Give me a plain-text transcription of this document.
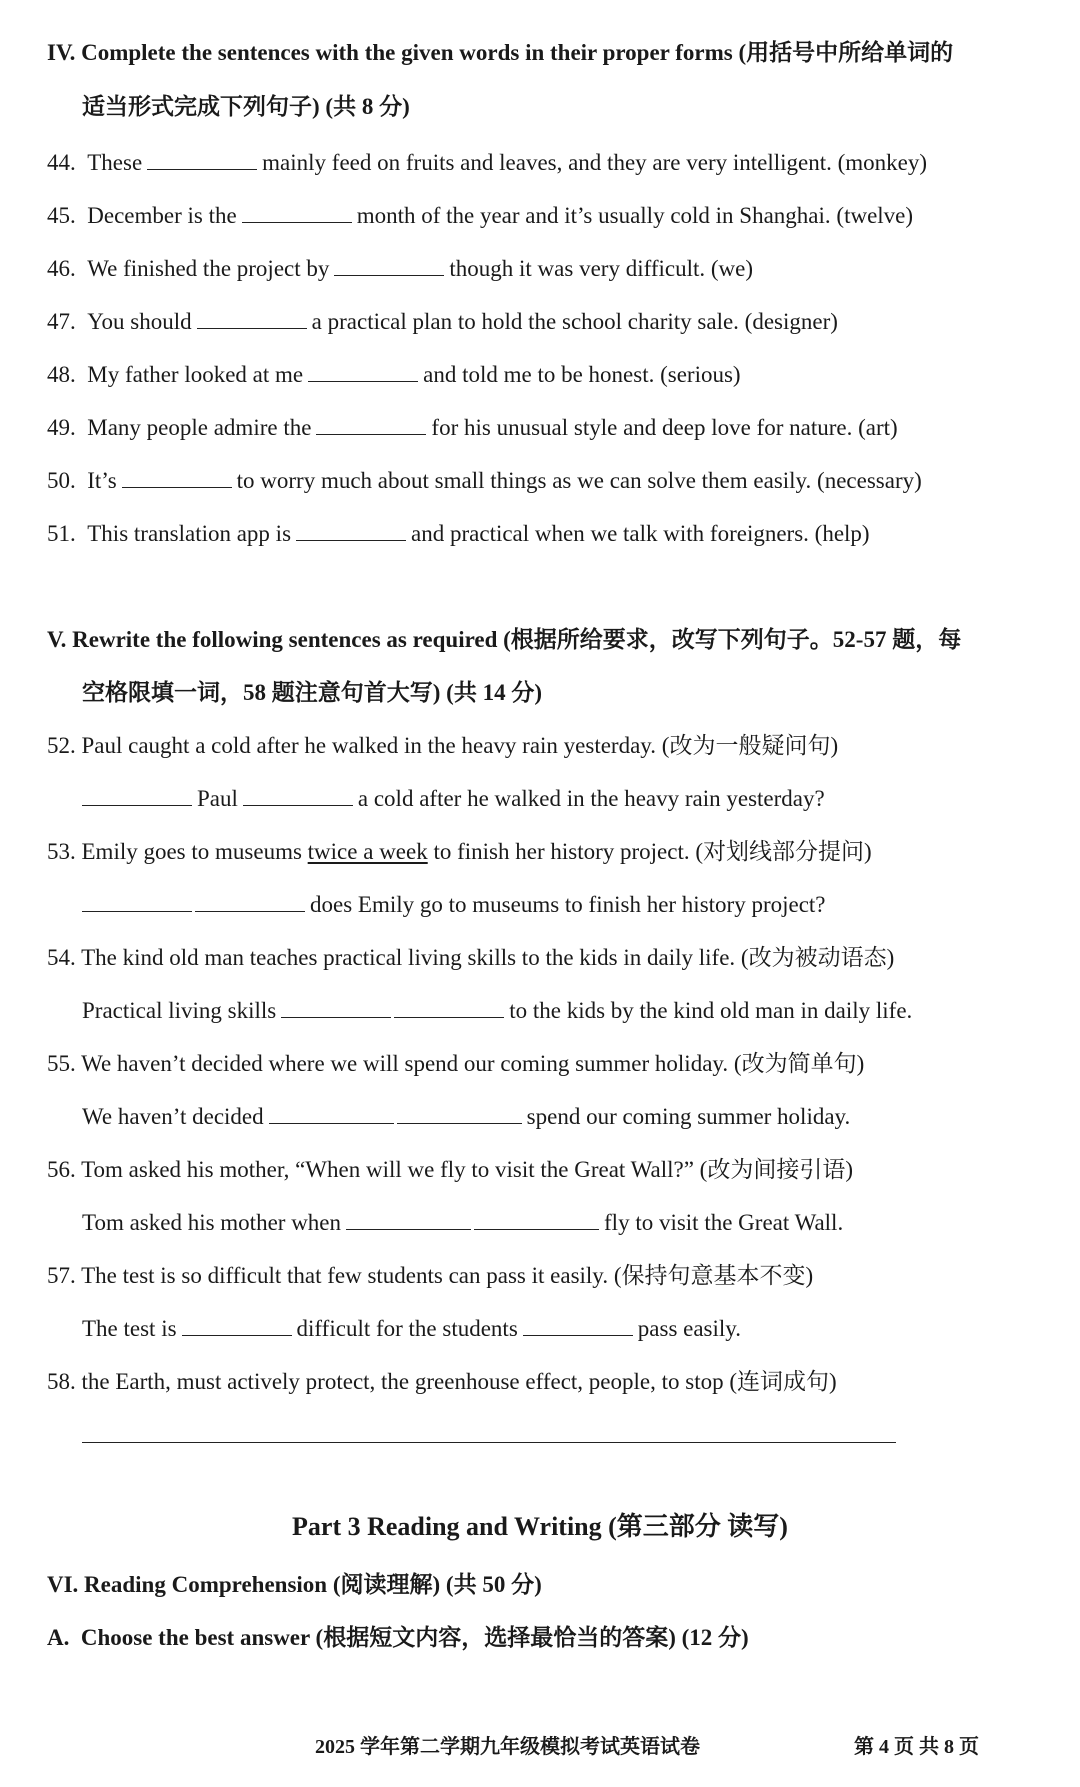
IV. Complete the sentences with the given words in their proper forms (用括号中所给单词的
适当形式完成下列句子) (共 8 分)
44. These	mainly feed on fruits and leaves, and they are very intelligent. (monkey)
45. December is the	month of the year and it’s usually cold in Shanghai. (twelve)
46. We finished the project by	though it was very difficult. (we)
47. You should	a practical plan to hold the school charity sale. (designer)
48. My father looked at me	and told me to be honest. (serious)
49. Many people admire the	for his unusual style and deep love for nature. (art)
50. It’s	to worry much about small things as we can solve them easily. (necessary)
51. This translation app is	and practical when we talk with foreigners. (help)
V. Rewrite the following sentences as required (根据所给要求，改写下列句子。52-57 题，每
空格限填一词，58 题注意句首大写) (共 14 分)
52. Paul caught a cold after he walked in the heavy rain yesterday. (改为一般疑问句)
Paul	a cold after he walked in the heavy rain yesterday?
53. Emily goes to museums twice a week to finish her history project. (对划线部分提问)
does Emily go to museums to finish her history project?
54. The kind old man teaches practical living skills to the kids in daily life. (改为被动语态)
Practical living skills	to the kids by the kind old man in daily life.
55. We haven’t decided where we will spend our coming summer holiday. (改为简单句)
We haven’t decided	spend our coming summer holiday.
56. Tom asked his mother, “When will we fly to visit the Great Wall?” (改为间接引语)
Tom asked his mother when	fly to visit the Great Wall.
57. The test is so difficult that few students can pass it easily. (保持句意基本不变)
The test is	difficult for the students	pass easily.
58. the Earth, must actively protect, the greenhouse effect, people, to stop (连词成句)
Part 3 Reading and Writing (第三部分 读写)
VI. Reading Comprehension (阅读理解) (共 50 分)
A. Choose the best answer (根据短文内容，选择最恰当的答案) (12 分)
2025 学年第二学期九年级模拟考试英语试卷	第 4 页 共 8 页
